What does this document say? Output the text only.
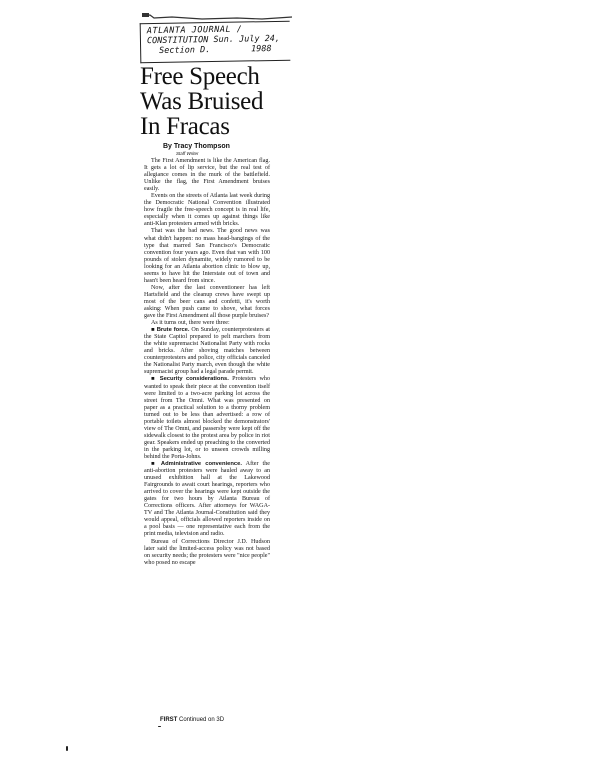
ATLANTA JOURNAL /
CONSTITUTION Sun. July 24,
Section D.	1988
Free Speech
Was Bruised
In Fracas
By Tracy Thompson
Staff Writer

The First Amendment is like the American flag. It gets a lot of lip service, but the real test of allegiance comes in the murk of the battlefield. Unlike the flag, the First Amendment bruises easily.

Events on the streets of Atlanta last week during the Democratic National Convention illustrated how fragile the free-speech concept is in real life, especially when it comes up against things like anti-Klan protesters armed with bricks.

That was the bad news. The good news was what didn't happen: no mass head-bangings of the type that marred San Francisco's Democratic convention four years ago. Even that van with 100 pounds of stolen dynamite, widely rumored to be looking for an Atlanta abortion clinic to blow up, seems to have hit the Interstate out of town and hasn't been heard from since.

Now, after the last conventioneer has left Hartsfield and the cleanup crews have swept up most of the beer cans and confetti, it's worth asking: When push came to shove, what forces gave the First Amendment all those purple bruises?

As it turns out, there were three:

■ Brute force. On Sunday, counterprotesters at the State Capitol prepared to pelt marchers from the white supremacist Nationalist Party with rocks and bricks. After shoving matches between counterprotesters and police, city officials canceled the Nationalist Party march, even though the white supremacist group had a legal parade permit.

■ Security considerations. Protesters who wanted to speak their piece at the convention itself were limited to a two-acre parking lot across the street from The Omni. What was presented on paper as a practical solution to a thorny problem turned out to be less than advertised: a row of portable toilets almost blocked the demonstrators' view of The Omni, and passersby were kept off the sidewalk closest to the protest area by police in riot gear. Speakers ended up preaching to the converted in the parking lot, or to unseen crowds milling behind the Porta-Johns.

■ Administrative convenience. After the anti-abortion protesters were hauled away to an unused exhibition hall at the Lakewood Fairgrounds to await court hearings, reporters who arrived to cover the hearings were kept outside the gates for two hours by Atlanta Bureau of Corrections officers. After attorneys for WAGA-TV and The Atlanta Journal-Constitution said they would appeal, officials allowed reporters inside on a pool basis — one representative each from the print media, television and radio.

Bureau of Corrections Director J.D. Hudson later said the limited-access policy was not based on security needs; the protesters were "nice people" who posed no escape

FIRST Continued on 3D
